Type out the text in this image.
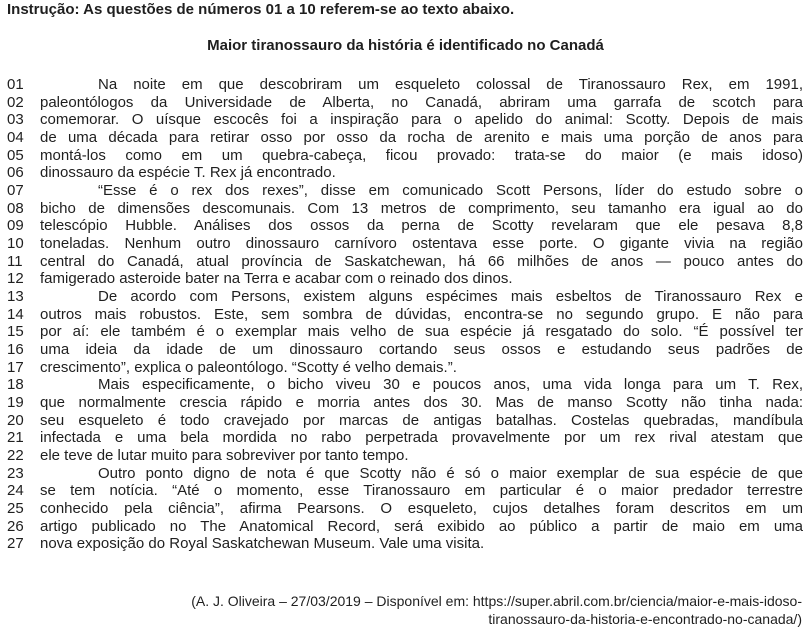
Instrução: As questões de números 01 a 10 referem-se ao texto abaixo.
Maior tiranossauro da história é identificado no Canadá
01
02
03
04
05
06
07
08
09
10
11
12
13
14
15
16
17
18
19
20
21
22
23
24
25
26
27
Na noite em que descobriram um esqueleto colossal de Tiranossauro Rex, em 1991,
paleontólogos da Universidade de Alberta, no Canadá, abriram uma garrafa de scotch para
comemorar. O uísque escocês foi a inspiração para o apelido do animal: Scotty. Depois de mais
de uma década para retirar osso por osso da rocha de arenito e mais uma porção de anos para
montá-los como em um quebra-cabeça, ficou provado: trata-se do maior (e mais idoso)
dinossauro da espécie T. Rex já encontrado.
“Esse é o rex dos rexes”, disse em comunicado Scott Persons, líder do estudo sobre o
bicho de dimensões descomunais. Com 13 metros de comprimento, seu tamanho era igual ao do
telescópio Hubble. Análises dos ossos da perna de Scotty revelaram que ele pesava 8,8
toneladas. Nenhum outro dinossauro carnívoro ostentava esse porte. O gigante vivia na região
central do Canadá, atual província de Saskatchewan, há 66 milhões de anos — pouco antes do
famigerado asteroide bater na Terra e acabar com o reinado dos dinos.
De acordo com Persons, existem alguns espécimes mais esbeltos de Tiranossauro Rex e
outros mais robustos. Este, sem sombra de dúvidas, encontra-se no segundo grupo. E não para
por aí: ele também é o exemplar mais velho de sua espécie já resgatado do solo. “É possível ter
uma ideia da idade de um dinossauro cortando seus ossos e estudando seus padrões de
crescimento”, explica o paleontólogo. “Scotty é velho demais.”.
Mais especificamente, o bicho viveu 30 e poucos anos, uma vida longa para um T. Rex,
que normalmente crescia rápido e morria antes dos 30. Mas de manso Scotty não tinha nada:
seu esqueleto é todo cravejado por marcas de antigas batalhas. Costelas quebradas, mandíbula
infectada e uma bela mordida no rabo perpetrada provavelmente por um rex rival atestam que
ele teve de lutar muito para sobreviver por tanto tempo.
Outro ponto digno de nota é que Scotty não é só o maior exemplar de sua espécie de que
se tem notícia. “Até o momento, esse Tiranossauro em particular é o maior predador terrestre
conhecido pela ciência”, afirma Pearsons. O esqueleto, cujos detalhes foram descritos em um
artigo publicado no The Anatomical Record, será exibido ao público a partir de maio em uma
nova exposição do Royal Saskatchewan Museum. Vale uma visita.
(A. J. Oliveira – 27/03/2019 – Disponível em: https://super.abril.com.br/ciencia/maior-e-mais-idoso-
tiranossauro-da-historia-e-encontrado-no-canada/)
